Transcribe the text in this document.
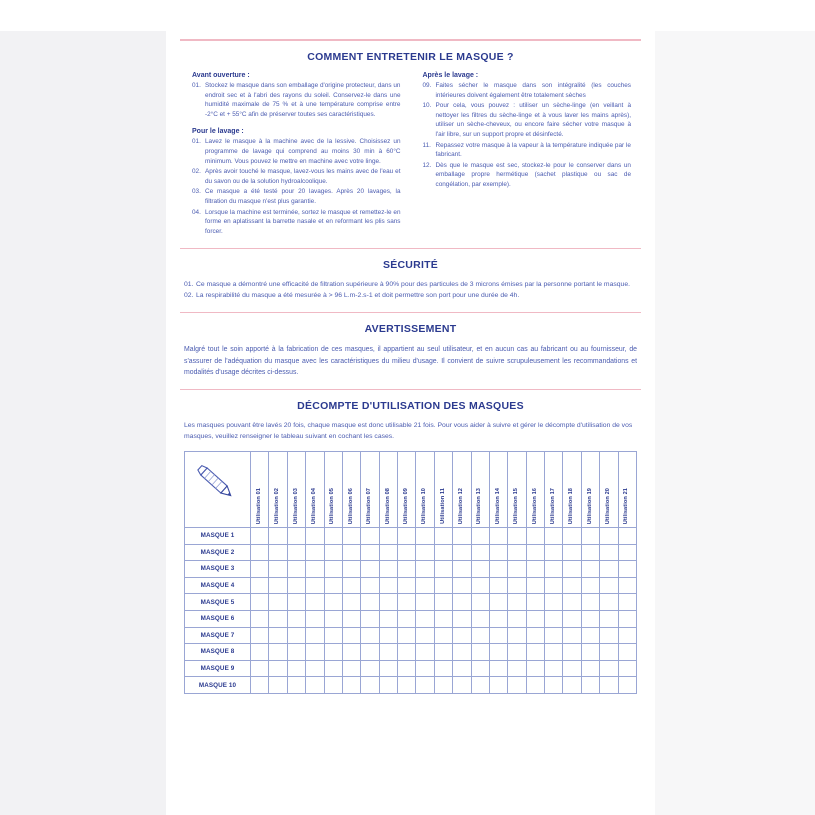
COMMENT ENTRETENIR LE MASQUE ?
Avant ouverture :
01. Stockez le masque dans son emballage d'origine protecteur, dans un endroit sec et à l'abri des rayons du soleil. Conservez-le dans une humidité maximale de 75 % et à une température comprise entre -2°C et + 55°C afin de préserver toutes ses caractéristiques.
Pour le lavage :
01. Lavez le masque à la machine avec de la lessive. Choisissez un programme de lavage qui comprend au moins 30 min à 60°C minimum. Vous pouvez le mettre en machine avec votre linge.
02. Après avoir touché le masque, lavez-vous les mains avec de l'eau et du savon ou de la solution hydroalcoolique.
03. Ce masque a été testé pour 20 lavages. Après 20 lavages, la filtration du masque n'est plus garantie.
04. Lorsque la machine est terminée, sortez le masque et remettez-le en forme en aplatissant la barrette nasale et en reformant les plis sans forcer.
Après le lavage :
09. Faites sécher le masque dans son intégralité (les couches intérieures doivent également être totalement sèches
10. Pour cela, vous pouvez : utiliser un sèche-linge (en veillant à nettoyer les filtres du sèche-linge et à vous laver les mains après), utiliser un sèche-cheveux, ou encore faire sécher votre masque à l'air libre, sur un support propre et désinfecté.
11. Repassez votre masque à la vapeur à la température indiquée par le fabricant.
12. Dès que le masque est sec, stockez-le pour le conserver dans un emballage propre hermétique (sachet plastique ou sac de congélation, par exemple).
SÉCURITÉ
01. Ce masque a démontré une efficacité de filtration supérieure à 90% pour des particules de 3 microns émises par la personne portant le masque.
02. La respirabilité du masque a été mesurée à > 96 L.m-2.s-1 et doit permettre son port pour une durée de 4h.
AVERTISSEMENT

Malgré tout le soin apporté à la fabrication de ces masques, il appartient au seul utilisateur, et en aucun cas au fabricant ou au fournisseur, de s'assurer de l'adéquation du masque avec les caractéristiques du milieu d'usage. Il convient de suivre scrupuleusement les recommandations et modalités d'usage décrites ci-dessus.

DÉCOMPTE D'UTILISATION DES MASQUES

Les masques pouvant être lavés 20 fois, chaque masque est donc utilisable 21 fois. Pour vous aider à suivre et gérer le décompte d'utilisation de vos masques, veuillez renseigner le tableau suivant en cochant les cases.

Utilisation 01	Utilisation 02	Utilisation 03	Utilisation 04	Utilisation 05	Utilisation 06	Utilisation 07	Utilisation 08	Utilisation 09	Utilisation 10	Utilisation 11	Utilisation 12	Utilisation 13	Utilisation 14	Utilisation 15	Utilisation 16	Utilisation 17	Utilisation 18	Utilisation 19	Utilisation 20	Utilisation 21

MASQUE 1																					
MASQUE 2																					
MASQUE 3																					
MASQUE 4																					
MASQUE 5																					
MASQUE 6																					
MASQUE 7																					
MASQUE 8																					
MASQUE 9																					
MASQUE 10																					
